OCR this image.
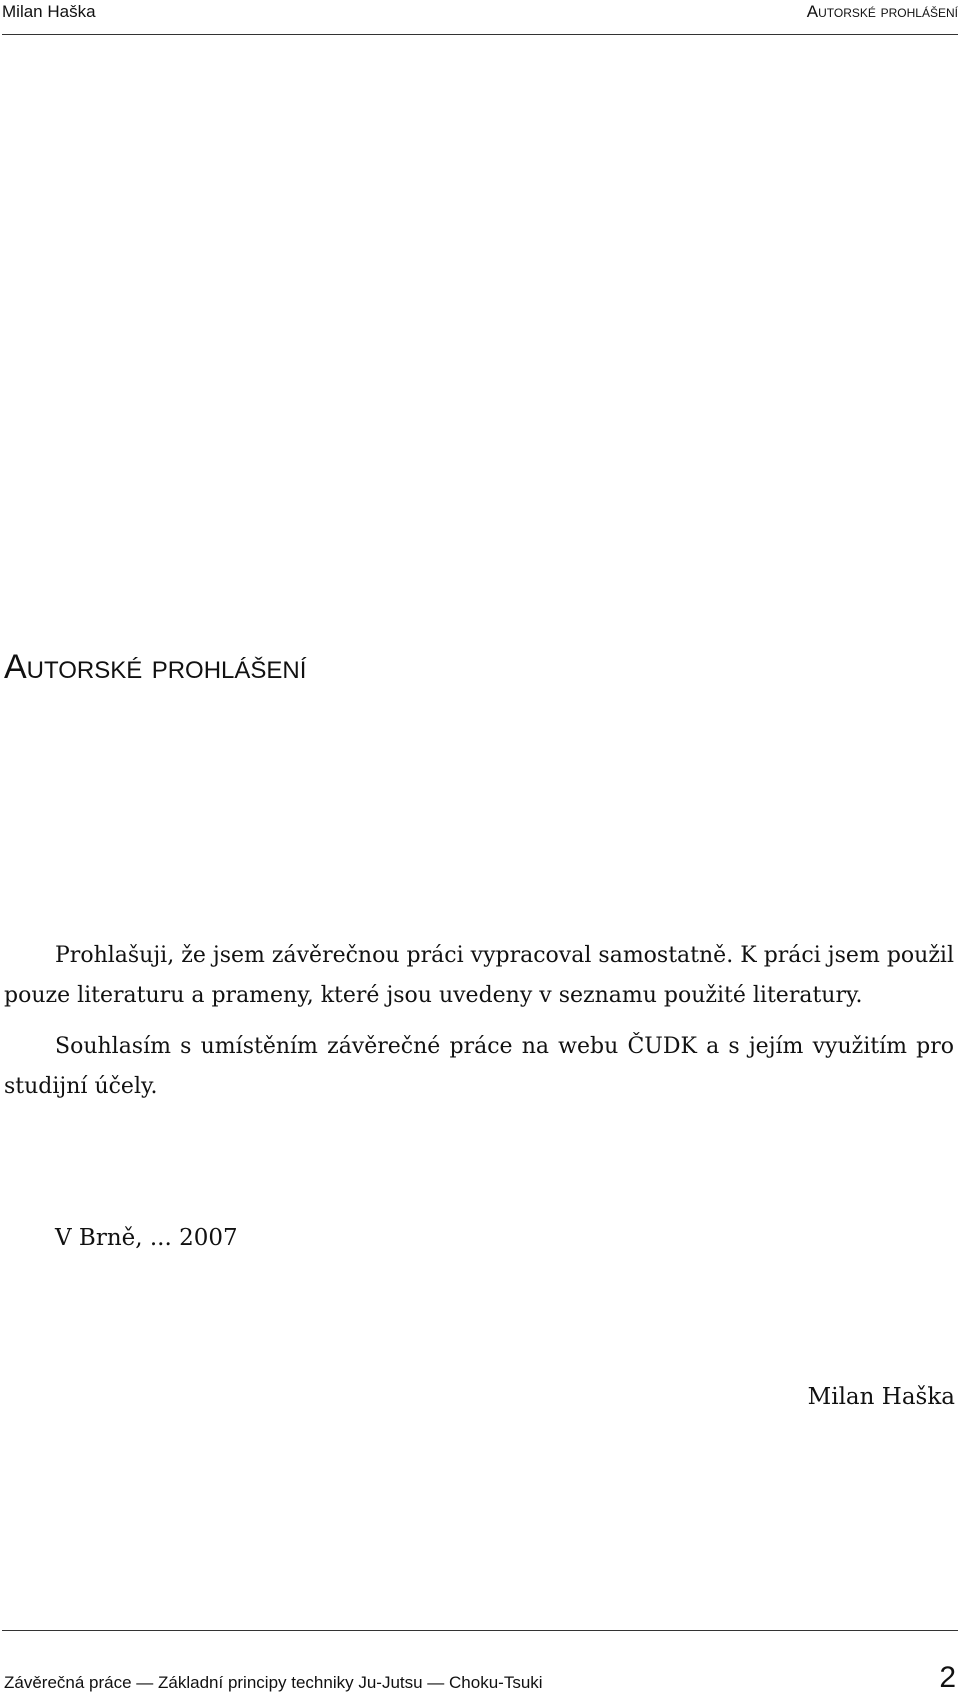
Milan Haška	Autorské prohlášení
Autorské prohlášení

Prohlašuji, že jsem závěrečnou práci vypracoval samostatně. K práci jsem použil pouze literaturu a prameny, které jsou uvedeny v seznamu použité literatury.

Souhlasím s umístěním závěrečné práce na webu ČUDK a s jejím využitím pro studijní účely.

V Brně, ... 2007
Milan Haška
Závěrečná práce — Základní principy techniky Ju-Jutsu — Choku-Tsuki	2
